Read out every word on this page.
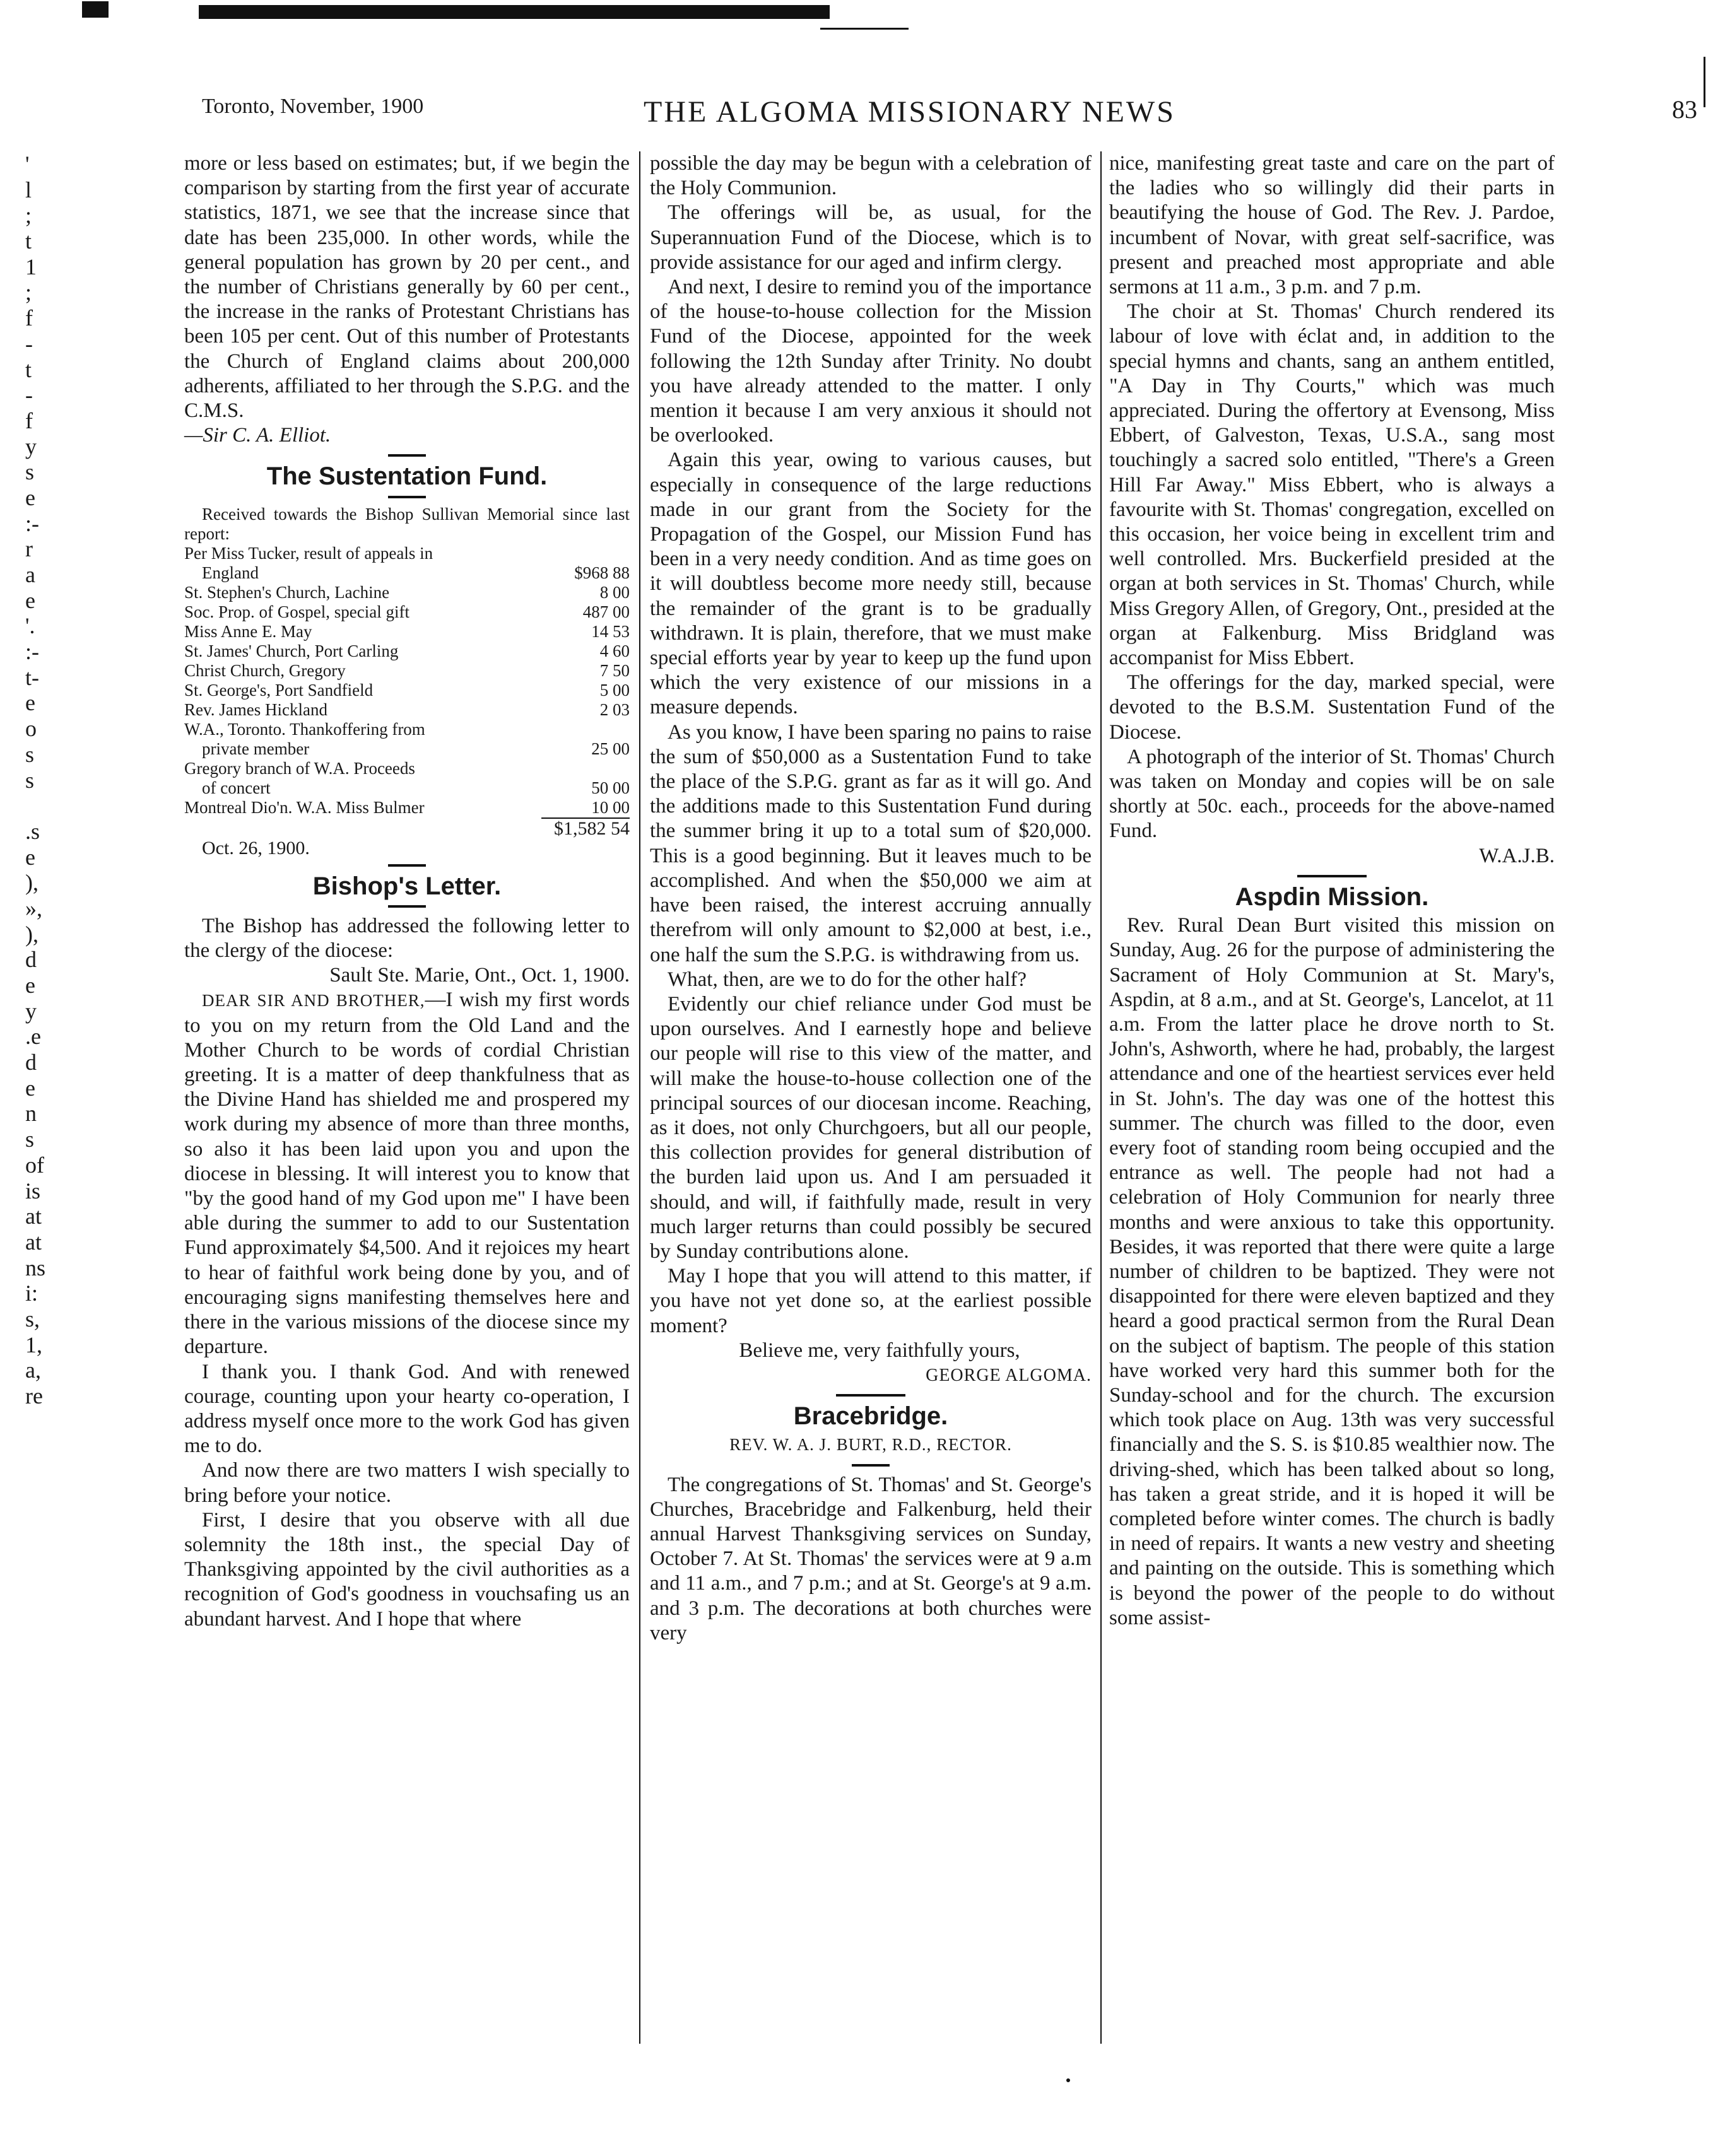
Toronto, November, 1900	THE ALGOMA MISSIONARY NEWS	83
'
l
;
t
1
;
f
-
t
-
f
y
s
e
:-
r
a
e
'.
:-
t-
e
o
s
s
.s
e
),
»,
),
d
e
y
.e
d
e
n
s
of
is
at
at
ns
i:
s,
1,
a,
re

more or less based on estimates; but, if we begin the comparison by starting from the first year of accurate statistics, 1871, we see that the increase since that date has been 235,000. In other words, while the general population has grown by 20 per cent., and the number of Christians generally by 60 per cent., the increase in the ranks of Protestant Christians has been 105 per cent. Out of this number of Protestants the Church of England claims about 200,000 adherents, affiliated to her through the S.P.G. and the C.M.S.

—Sir C. A. Elliot.

The Sustentation Fund.

Received towards the Bishop Sullivan Memorial since last report:

Per Miss Tucker, result of appeals in
England	$968 88
St. Stephen's Church, Lachine	8 00
Soc. Prop. of Gospel, special gift	487 00
Miss Anne E. May	14 53
St. James' Church, Port Carling	4 60
Christ Church, Gregory	7 50
St. George's, Port Sandfield	5 00
Rev. James Hickland	2 03
W.A., Toronto. Thankoffering from
private member	25 00
Gregory branch of W.A. Proceeds
of concert	50 00
Montreal Dio'n. W.A. Miss Bulmer	10 00
$1,582 54

Oct. 26, 1900.

Bishop's Letter.

The Bishop has addressed the following letter to the clergy of the diocese:

Sault Ste. Marie, Ont., Oct. 1, 1900.

DEAR SIR AND BROTHER,—I wish my first words to you on my return from the Old Land and the Mother Church to be words of cordial Christian greeting. It is a matter of deep thankfulness that as the Divine Hand has shielded me and prospered my work during my absence of more than three months, so also it has been laid upon you and upon the diocese in blessing. It will interest you to know that "by the good hand of my God upon me" I have been able during the summer to add to our Sustentation Fund approximately $4,500. And it rejoices my heart to hear of faithful work being done by you, and of encouraging signs manifesting themselves here and there in the various missions of the diocese since my departure.

I thank you. I thank God. And with renewed courage, counting upon your hearty co-operation, I address myself once more to the work God has given me to do.

And now there are two matters I wish specially to bring before your notice.

First, I desire that you observe with all due solemnity the 18th inst., the special Day of Thanksgiving appointed by the civil authorities as a recognition of God's goodness in vouchsafing us an abundant harvest. And I hope that where

possible the day may be begun with a celebration of the Holy Communion.

The offerings will be, as usual, for the Superannuation Fund of the Diocese, which is to provide assistance for our aged and infirm clergy.

And next, I desire to remind you of the importance of the house-to-house collection for the Mission Fund of the Diocese, appointed for the week following the 12th Sunday after Trinity. No doubt you have already attended to the matter. I only mention it because I am very anxious it should not be overlooked.

Again this year, owing to various causes, but especially in consequence of the large reductions made in our grant from the Society for the Propagation of the Gospel, our Mission Fund has been in a very needy condition. And as time goes on it will doubtless become more needy still, because the remainder of the grant is to be gradually withdrawn. It is plain, therefore, that we must make special efforts year by year to keep up the fund upon which the very existence of our missions in a measure depends.

As you know, I have been sparing no pains to raise the sum of $50,000 as a Sustentation Fund to take the place of the S.P.G. grant as far as it will go. And the additions made to this Sustentation Fund during the summer bring it up to a total sum of $20,000. This is a good beginning. But it leaves much to be accomplished. And when the $50,000 we aim at have been raised, the interest accruing annually therefrom will only amount to $2,000 at best, i.e., one half the sum the S.P.G. is withdrawing from us.

What, then, are we to do for the other half?

Evidently our chief reliance under God must be upon ourselves. And I earnestly hope and believe our people will rise to this view of the matter, and will make the house-to-house collection one of the principal sources of our diocesan income. Reaching, as it does, not only Churchgoers, but all our people, this collection provides for general distribution of the burden laid upon us. And I am persuaded it should, and will, if faithfully made, result in very much larger returns than could possibly be secured by Sunday contributions alone.

May I hope that you will attend to this matter, if you have not yet done so, at the earliest possible moment?

Believe me, very faithfully yours,

GEORGE ALGOMA.

Bracebridge.

REV. W. A. J. BURT, R.D., RECTOR.

The congregations of St. Thomas' and St. George's Churches, Bracebridge and Falkenburg, held their annual Harvest Thanksgiving services on Sunday, October 7. At St. Thomas' the services were at 9 a.m and 11 a.m., and 7 p.m.; and at St. George's at 9 a.m. and 3 p.m. The decorations at both churches were very

nice, manifesting great taste and care on the part of the ladies who so willingly did their parts in beautifying the house of God. The Rev. J. Pardoe, incumbent of Novar, with great self-sacrifice, was present and preached most appropriate and able sermons at 11 a.m., 3 p.m. and 7 p.m.

The choir at St. Thomas' Church rendered its labour of love with éclat and, in addition to the special hymns and chants, sang an anthem entitled, "A Day in Thy Courts," which was much appreciated. During the offertory at Evensong, Miss Ebbert, of Galveston, Texas, U.S.A., sang most touchingly a sacred solo entitled, "There's a Green Hill Far Away." Miss Ebbert, who is always a favourite with St. Thomas' congregation, excelled on this occasion, her voice being in excellent trim and well controlled. Mrs. Buckerfield presided at the organ at both services in St. Thomas' Church, while Miss Gregory Allen, of Gregory, Ont., presided at the organ at Falkenburg. Miss Bridgland was accompanist for Miss Ebbert.

The offerings for the day, marked special, were devoted to the B.S.M. Sustentation Fund of the Diocese.

A photograph of the interior of St. Thomas' Church was taken on Monday and copies will be on sale shortly at 50c. each., proceeds for the above-named Fund.

W.A.J.B.

Aspdin Mission.

Rev. Rural Dean Burt visited this mission on Sunday, Aug. 26 for the purpose of administering the Sacrament of Holy Communion at St. Mary's, Aspdin, at 8 a.m., and at St. George's, Lancelot, at 11 a.m. From the latter place he drove north to St. John's, Ashworth, where he had, probably, the largest attendance and one of the heartiest services ever held in St. John's. The day was one of the hottest this summer. The church was filled to the door, even every foot of standing room being occupied and the entrance as well. The people had not had a celebration of Holy Communion for nearly three months and were anxious to take this opportunity. Besides, it was reported that there were quite a large number of children to be baptized. They were not disappointed for there were eleven baptized and they heard a good practical sermon from the Rural Dean on the subject of baptism. The people of this station have worked very hard this summer both for the Sunday-school and for the church. The excursion which took place on Aug. 13th was very successful financially and the S. S. is $10.85 wealthier now. The driving-shed, which has been talked about so long, has taken a great stride, and it is hoped it will be completed before winter comes. The church is badly in need of repairs. It wants a new vestry and sheeting and painting on the outside. This is something which is beyond the power of the people to do without some assist-
